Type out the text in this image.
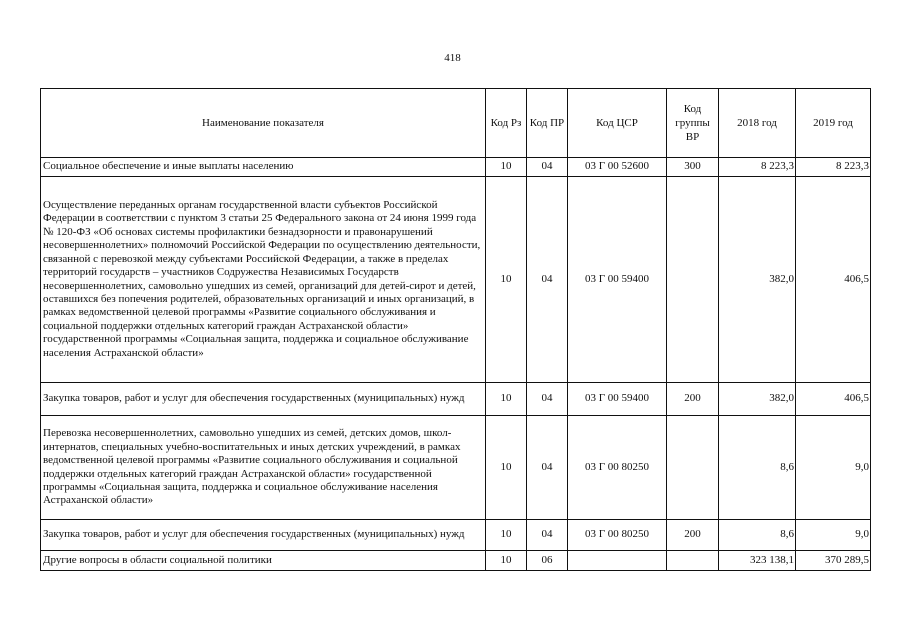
418
Наименование показателя	Код Рз	Код ПР	Код ЦСР	Код группы ВР	2018 год	2019 год
Социальное обеспечение и иные выплаты населению	10	04	03 Г 00 52600	300	8 223,3	8 223,3
Осуществление переданных органам государственной власти субъектов Российской Федерации в соответствии с пунктом 3 статьи 25 Федерального закона от 24 июня 1999 года № 120-ФЗ «Об основах системы профилактики безнадзорности и правонарушений несовершеннолетних» полномочий Российской Федерации по осуществлению деятельности, связанной с перевозкой между субъектами Российской Федерации, а также в пределах территорий государств – участников Содружества Независимых Государств несовершеннолетних, самовольно ушедших из семей, организаций для детей-сирот и детей, оставшихся без попечения родителей, образовательных организаций и иных организаций, в рамках ведомственной целевой программы «Развитие социального обслуживания и социальной поддержки отдельных категорий граждан Астраханской области» государственной программы «Социальная защита, поддержка и социальное обслуживание населения Астраханской области»	10	04	03 Г 00 59400		382,0	406,5
Закупка товаров, работ и услуг для обеспечения государственных (муниципальных) нужд	10	04	03 Г 00 59400	200	382,0	406,5
Перевозка несовершеннолетних, самовольно ушедших из семей, детских домов, школ-интернатов, специальных учебно-воспитательных и иных детских учреждений, в рамках ведомственной целевой программы «Развитие социального обслуживания и социальной поддержки отдельных категорий граждан Астраханской области» государственной программы «Социальная защита, поддержка и социальное обслуживание населения Астраханской области»	10	04	03 Г 00 80250		8,6	9,0
Закупка товаров, работ и услуг для обеспечения государственных (муниципальных) нужд	10	04	03 Г 00 80250	200	8,6	9,0
Другие вопросы в области социальной политики	10	06			323 138,1	370 289,5
